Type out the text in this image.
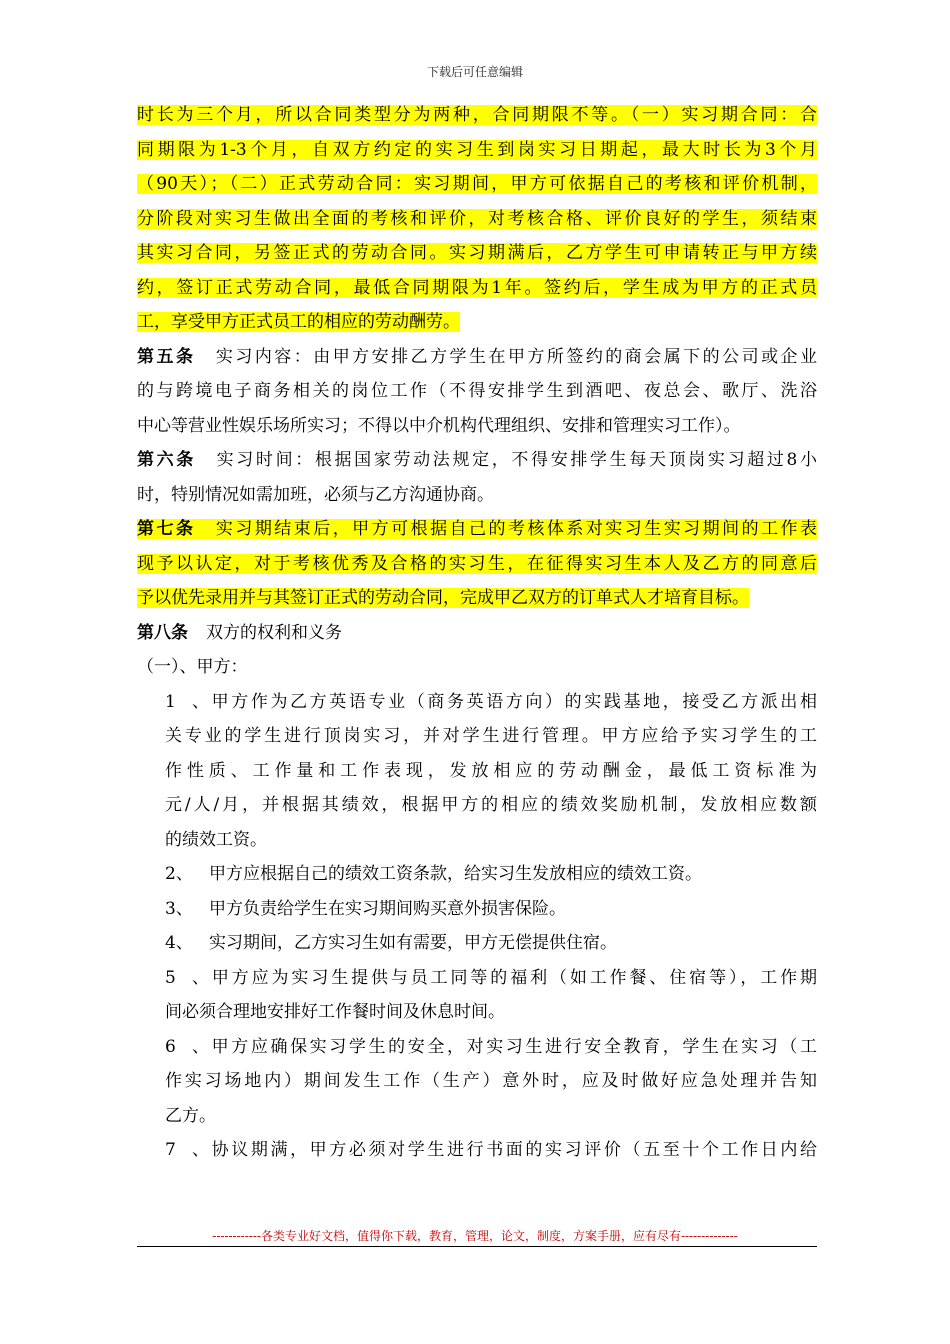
下载后可任意编辑
时长为三个月，所以合同类型分为两种，合同期限不等。（一）实习期合同：合
同期限为1-3个月，自双方约定的实习生到岗实习日期起，最大时长为3个月
（90天）；（二）正式劳动合同：实习期间，甲方可依据自己的考核和评价机制，
分阶段对实习生做出全面的考核和评价，对考核合格、评价良好的学生，须结束
其实习合同，另签正式的劳动合同。实习期满后，乙方学生可申请转正与甲方续
约，签订正式劳动合同，最低合同期限为1年。签约后，学生成为甲方的正式员
工，享受甲方正式员工的相应的劳动酬劳。
第五条 实习内容：由甲方安排乙方学生在甲方所签约的商会属下的公司或企业
的与跨境电子商务相关的岗位工作（不得安排学生到酒吧、夜总会、歌厅、洗浴
中心等营业性娱乐场所实习；不得以中介机构代理组织、安排和管理实习工作）。
第六条 实习时间：根据国家劳动法规定，不得安排学生每天顶岗实习超过8小
时，特别情况如需加班，必须与乙方沟通协商。
第七条 实习期结束后，甲方可根据自己的考核体系对实习生实习期间的工作表
现予以认定，对于考核优秀及合格的实习生，在征得实习生本人及乙方的同意后
予以优先录用并与其签订正式的劳动合同，完成甲乙双方的订单式人才培育目标。
第八条 双方的权利和义务
（一）、甲方：
1、甲方作为乙方英语专业（商务英语方向）的实践基地，接受乙方派出相
关专业的学生进行顶岗实习，并对学生进行管理。甲方应给予实习学生的工
作性质、工作量和工作表现，发放相应的劳动酬金，最低工资标准为
元/人/月，并根据其绩效，根据甲方的相应的绩效奖励机制，发放相应数额
的绩效工资。
2、 甲方应根据自己的绩效工资条款，给实习生发放相应的绩效工资。
3、 甲方负责给学生在实习期间购买意外损害保险。
4、 实习期间，乙方实习生如有需要，甲方无偿提供住宿。
5、甲方应为实习生提供与员工同等的福利（如工作餐、住宿等），工作期
间必须合理地安排好工作餐时间及休息时间。
6、甲方应确保实习学生的安全，对实习生进行安全教育，学生在实习（工
作实习场地内）期间发生工作（生产）意外时，应及时做好应急处理并告知
乙方。
7、协议期满，甲方必须对学生进行书面的实习评价（五至十个工作日内给
------------各类专业好文档，值得你下载，教育，管理，论文，制度，方案手册，应有尽有--------------
